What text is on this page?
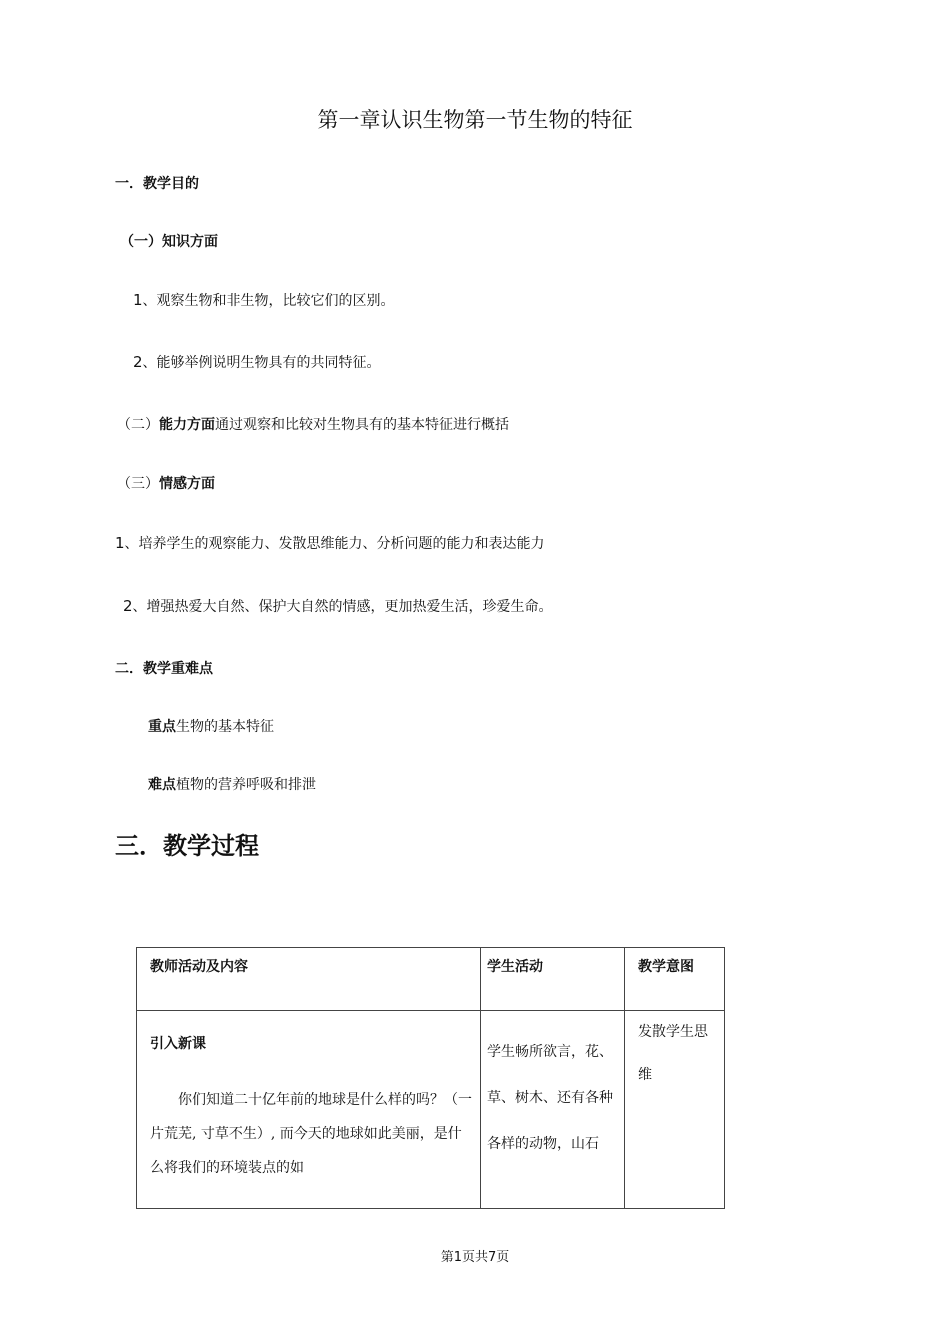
第一章认识生物第一节生物的特征
一．教学目的
（一）知识方面
1、观察生物和非生物，比较它们的区别。
2、能够举例说明生物具有的共同特征。
（二）能力方面通过观察和比较对生物具有的基本特征进行概括
（三）情感方面
1、培养学生的观察能力、发散思维能力、分析问题的能力和表达能力
2、增强热爱大自然、保护大自然的情感，更加热爱生活，珍爱生命。
二．教学重难点
重点生物的基本特征
难点植物的营养呼吸和排泄
三．教学过程
教师活动及内容	学生活动	教学意图

引入新课
你们知道二十亿年前的地球是什么样的吗？（一片荒芜, 寸草不生）, 而今天的地球如此美丽，是什么将我们的环境装点的如	学生畅所欲言，花、草、树木、还有各种各样的动物，山石	发散学生思维
第1页共7页
